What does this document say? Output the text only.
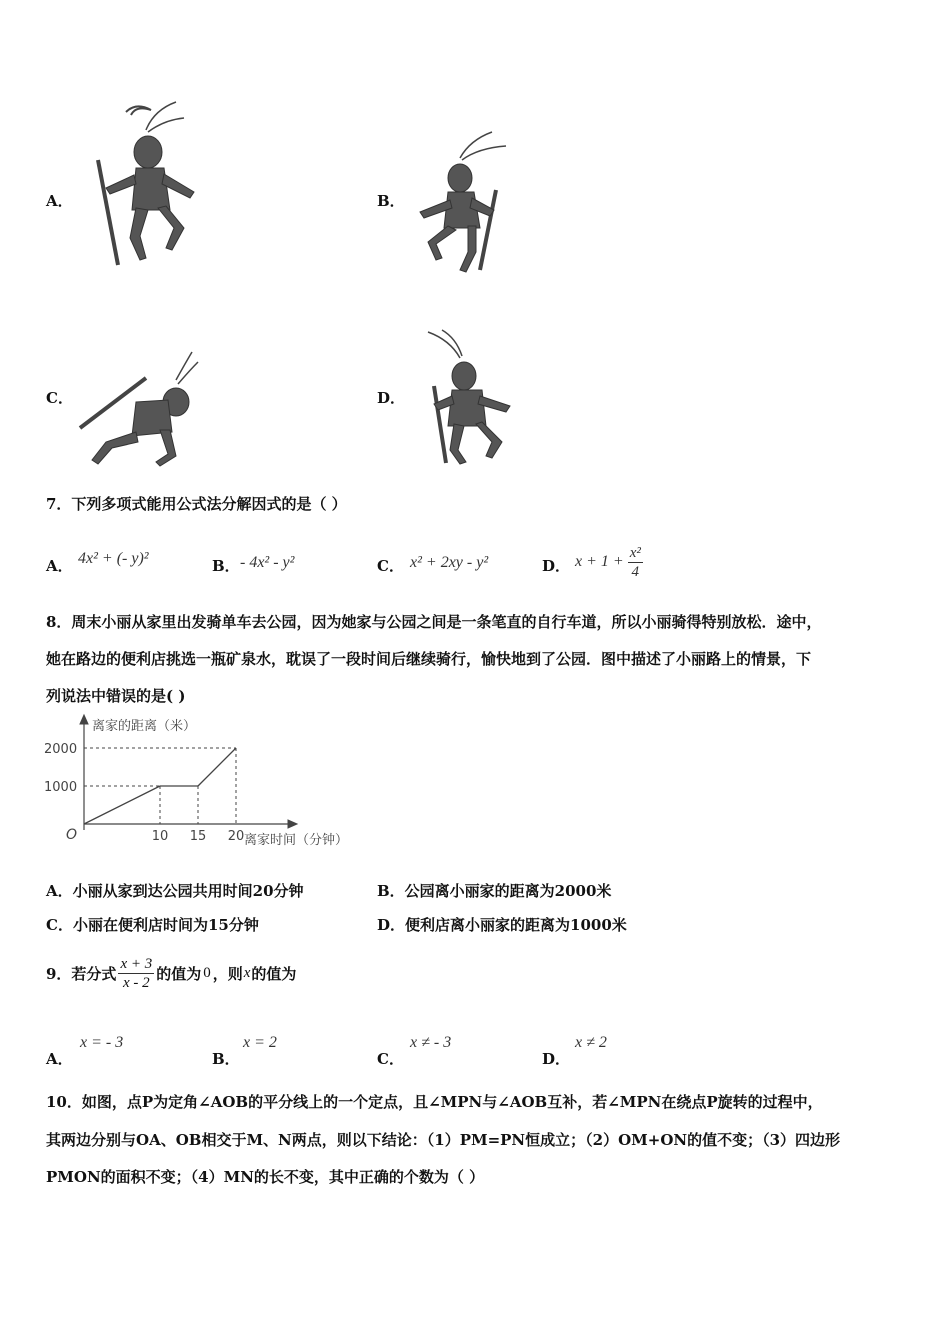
A．	B．
C．	D．
7．下列多项式能用公式法分解因式的是（ ）
A． 4x² + (- y)²	B． - 4x² - y²	C． x² + 2xy - y²	D． $x + 1 + \frac{\text{x²}}{4}$
8．周末小丽从家里出发骑单车去公园，因为她家与公园之间是一条笔直的自行车道，所以小丽骑得特别放松．途中，
她在路边的便利店挑选一瓶矿泉水，耽误了一段时间后继续骑行，愉快地到了公园．图中描述了小丽路上的情景，下
列说法中错误的是( )
离家的距离（米）
离家时间（分钟）
O
1000
2000
10 15 20
A．小丽从家到达公园共用时间20分钟	B．公园离小丽家的距离为2000米
C．小丽在便利店时间为15分钟	D．便利店离小丽家的距离为1000米
9．若分式 $\frac{x + 3}{x - 2}$ 的值为 0 ，则 x 的值为
A．
x = - 3
B．
x = 2
C．
x ≠ - 3
D．
x ≠ 2
10．如图，点P为定角∠AOB的平分线上的一个定点，且∠MPN与∠AOB互补，若∠MPN在绕点P旋转的过程中，
其两边分别与OA、OB相交于M、N两点，则以下结论：（1）PM=PN恒成立；（2）OM+ON的值不变；（3）四边形
PMON的面积不变；（4）MN的长不变，其中正确的个数为（ ）
